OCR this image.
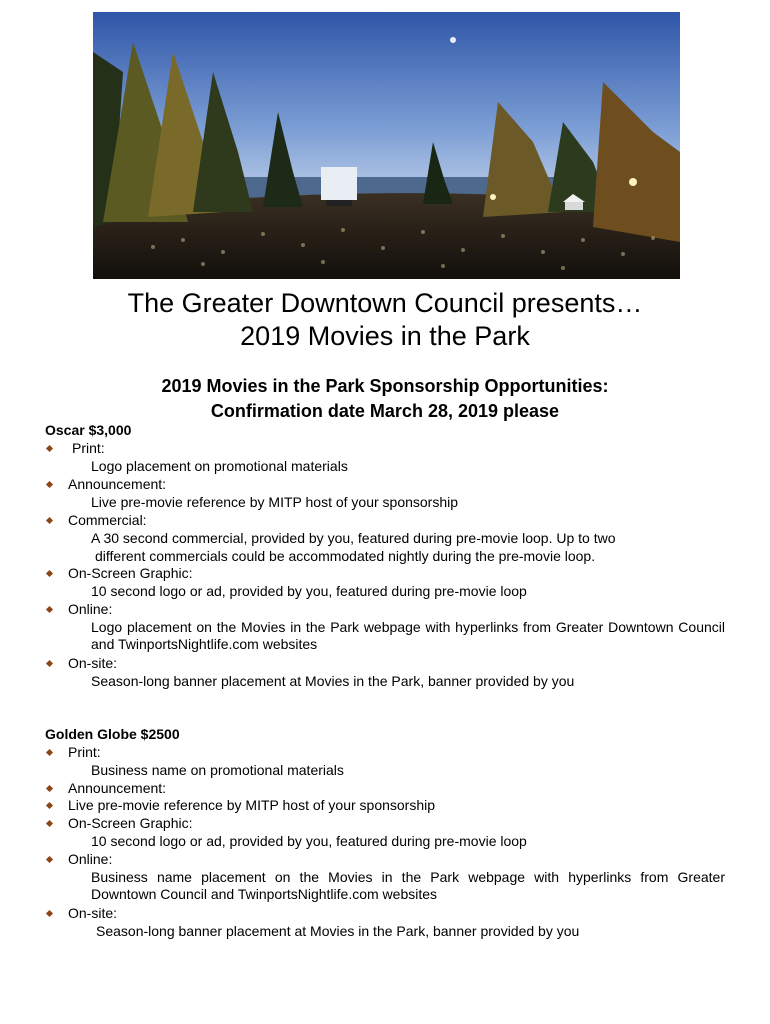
The Greater Downtown Council presents…
2019 Movies in the Park
2019 Movies in the Park Sponsorship Opportunities:
Confirmation date March 28, 2019 please
Oscar $3,000
Print:
Logo placement on promotional materials
Announcement:
Live pre-movie reference by MITP host of your sponsorship
Commercial:
A 30 second commercial, provided by you, featured during pre-movie loop. Up to two
different commercials could be accommodated nightly during the pre-movie loop.
On-Screen Graphic:
10 second logo or ad, provided by you, featured during pre-movie loop
Online:
Logo placement on the Movies in the Park webpage with hyperlinks from Greater Downtown Council and TwinportsNightlife.com websites
On-site:
Season-long banner placement at Movies in the Park, banner provided by you
Golden Globe $2500
Print:
Business name on promotional materials
Announcement:
Live pre-movie reference by MITP host of your sponsorship
On-Screen Graphic:
10 second logo or ad, provided by you, featured during pre-movie loop
Online:
Business name placement on the Movies in the Park webpage with hyperlinks from Greater Downtown Council and TwinportsNightlife.com websites
On-site:
Season-long banner placement at Movies in the Park, banner provided by you
